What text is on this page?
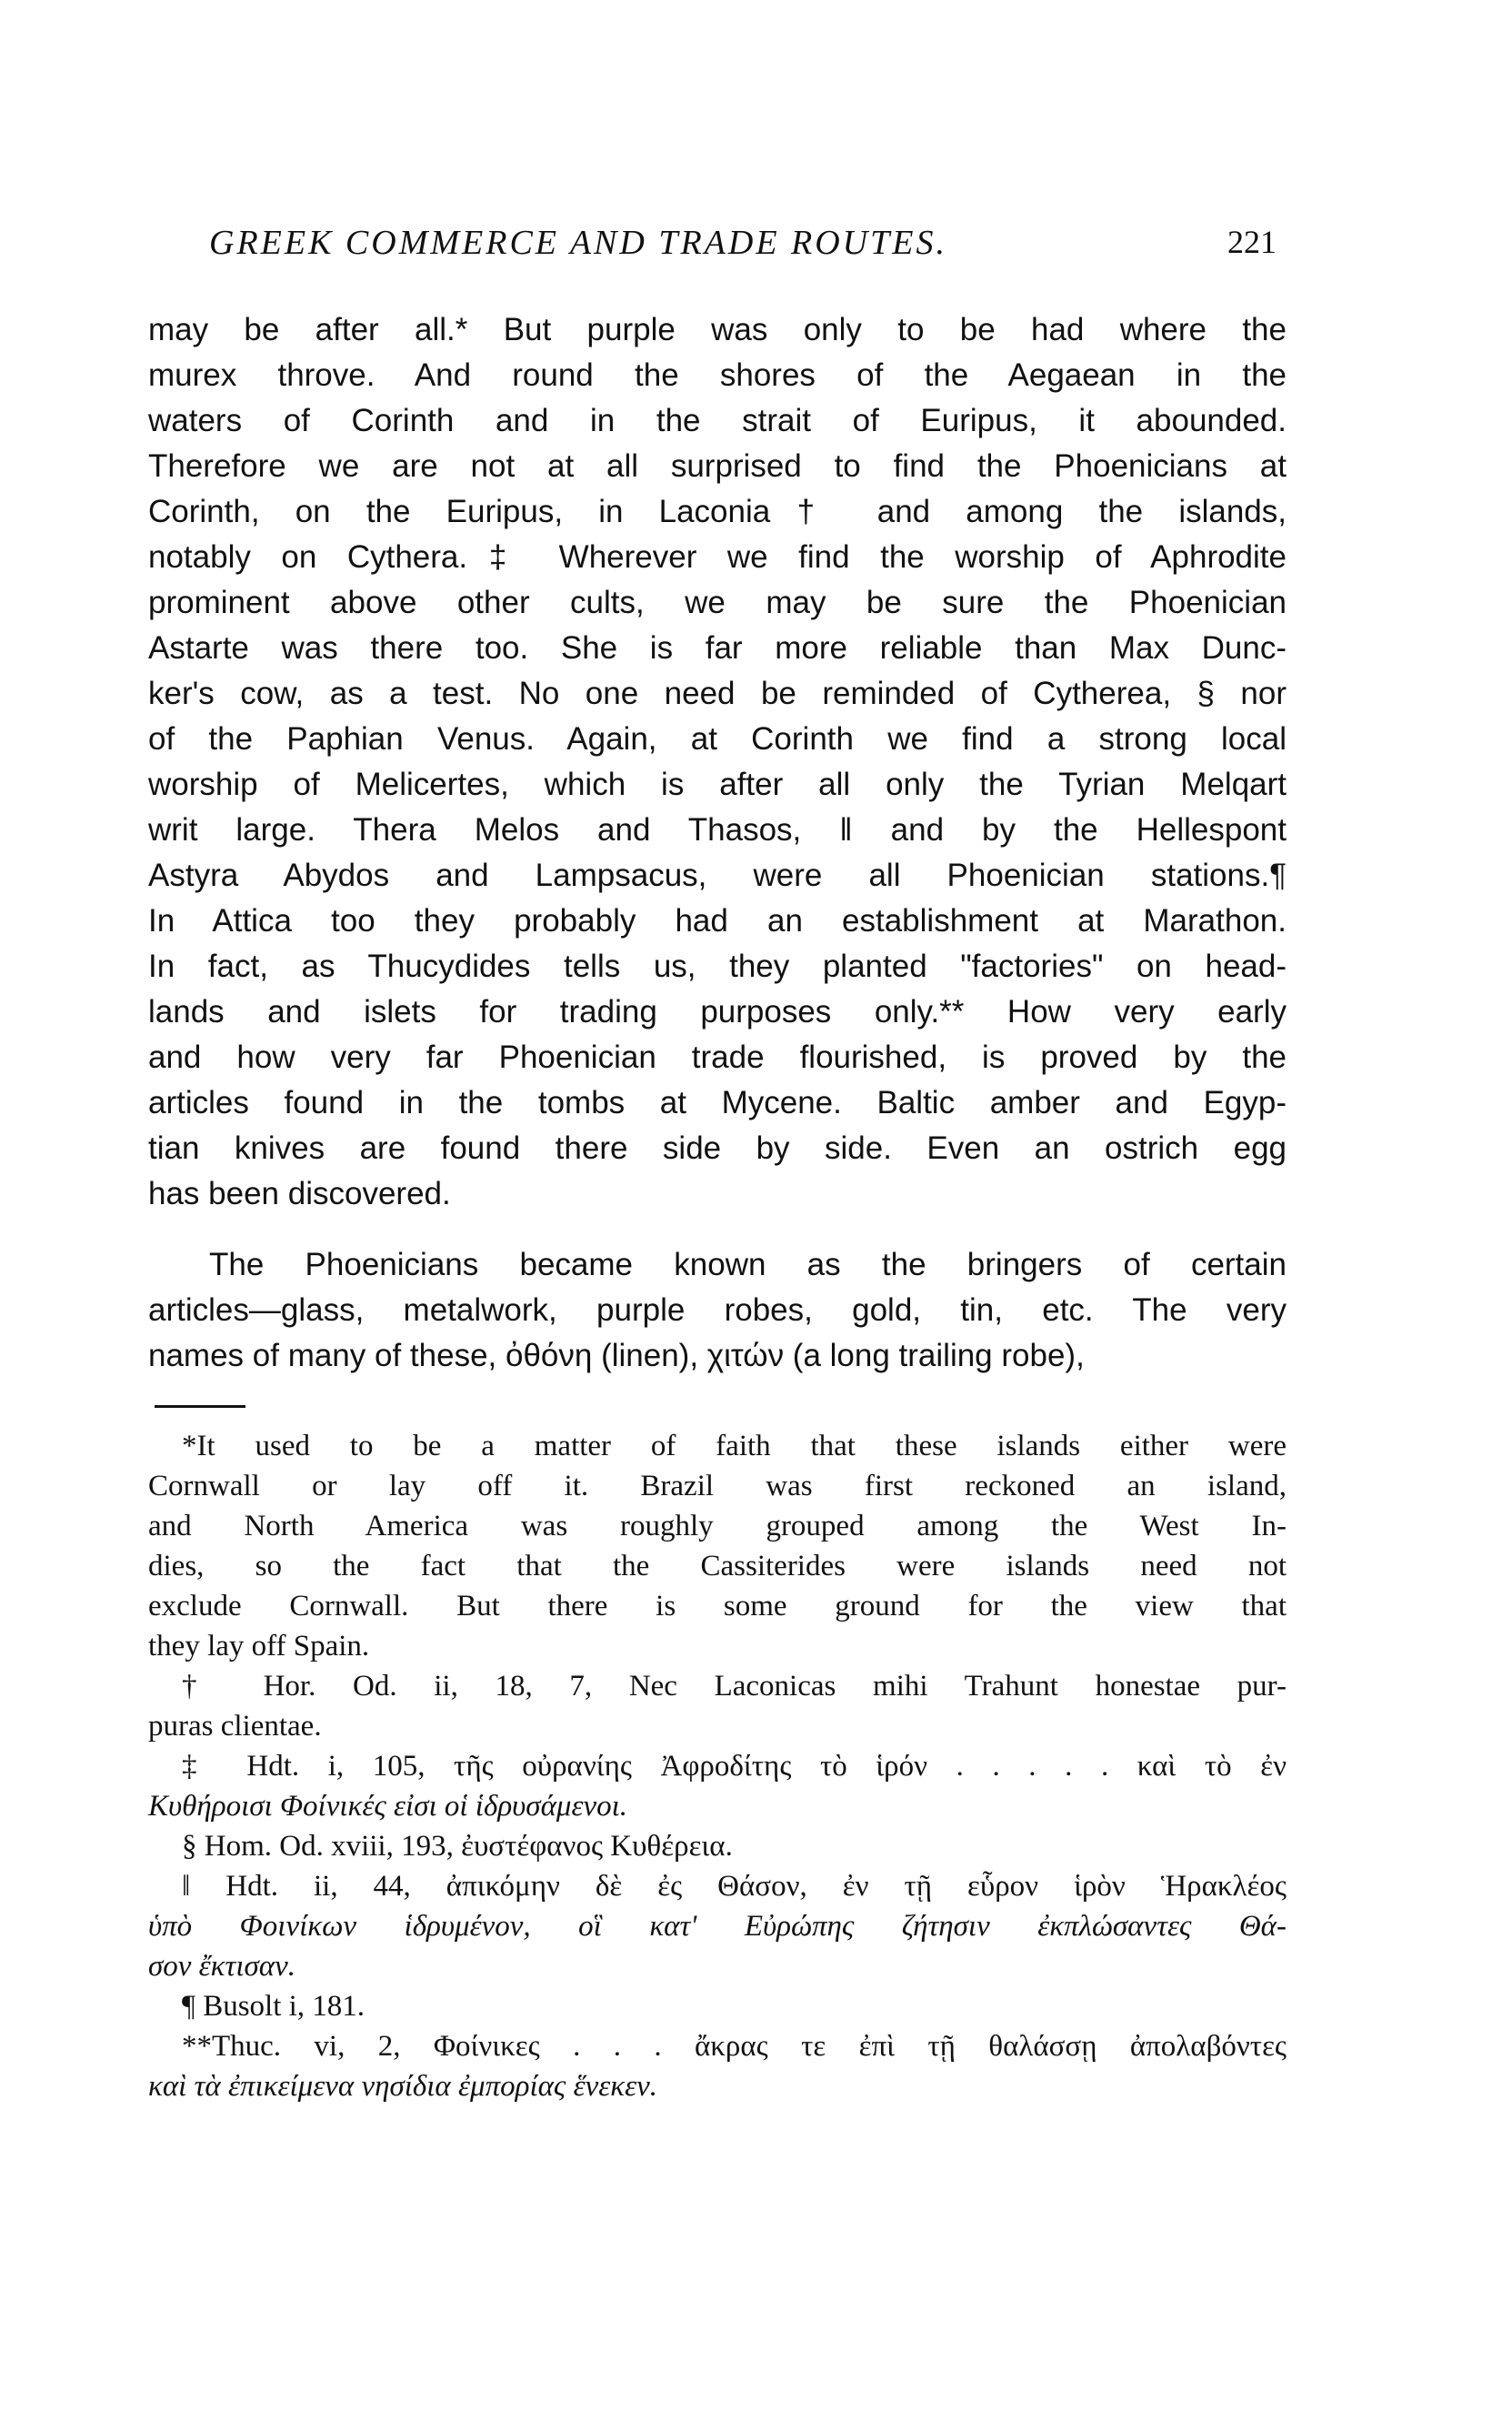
GREEK COMMERCE AND TRADE ROUTES.	221
may be after all.* But purple was only to be had where the
murex throve. And round the shores of the Aegaean in the
waters of Corinth and in the strait of Euripus, it abounded.
Therefore we are not at all surprised to find the Phoenicians at
Corinth, on the Euripus, in Laconia† and among the islands,
notably on Cythera.‡ Wherever we find the worship of Aphrodite
prominent above other cults, we may be sure the Phoenician
Astarte was there too. She is far more reliable than Max Dunc-
ker's cow, as a test. No one need be reminded of Cytherea, § nor
of the Paphian Venus. Again, at Corinth we find a strong local
worship of Melicertes, which is after all only the Tyrian Melqart
writ large. Thera Melos and Thasos, ‖ and by the Hellespont
Astyra Abydos and Lampsacus, were all Phoenician stations.¶
In Attica too they probably had an establishment at Marathon.
In fact, as Thucydides tells us, they planted "factories" on head-
lands and islets for trading purposes only.** How very early
and how very far Phoenician trade flourished, is proved by the
articles found in the tombs at Mycene. Baltic amber and Egyp-
tian knives are found there side by side. Even an ostrich egg
has been discovered.
The Phoenicians became known as the bringers of certain
articles—glass, metalwork, purple robes, gold, tin, etc. The very
names of many of these, ὀθόνη (linen), χιτών (a long trailing robe),
*It used to be a matter of faith that these islands either were
Cornwall or lay off it. Brazil was first reckoned an island,
and North America was roughly grouped among the West In-
dies, so the fact that the Cassiterides were islands need not
exclude Cornwall. But there is some ground for the view that
they lay off Spain.
† Hor. Od. ii, 18, 7, Nec Laconicas mihi Trahunt honestae pur-
puras clientae.
‡ Hdt. i, 105, τῆς οὐρανίης Ἀφροδίτης τὸ ἱρόν . . . . . καὶ τὸ ἐν
Κυθήροισι Φοίνικές εἰσι οἱ ἱδρυσάμενοι.
§ Hom. Od. xviii, 193, ἐυστέφανος Κυθέρεια.
‖ Hdt. ii, 44, ἀπικόμην δὲ ἐς Θάσον, ἐν τῇ εὗρον ἱρὸν Ἡρακλέος
ὑπὸ Φοινίκων ἱδρυμένον, οἳ κατ' Εὐρώπης ζήτησιν ἐκπλώσαντες Θά-
σον ἔκτισαν.
¶ Busolt i, 181.
**Thuc. vi, 2, Φοίνικες . . . ἄκρας τε ἐπὶ τῇ θαλάσσῃ ἀπολαβόντες
καὶ τὰ ἐπικείμενα νησίδια ἐμπορίας ἕνεκεν.
